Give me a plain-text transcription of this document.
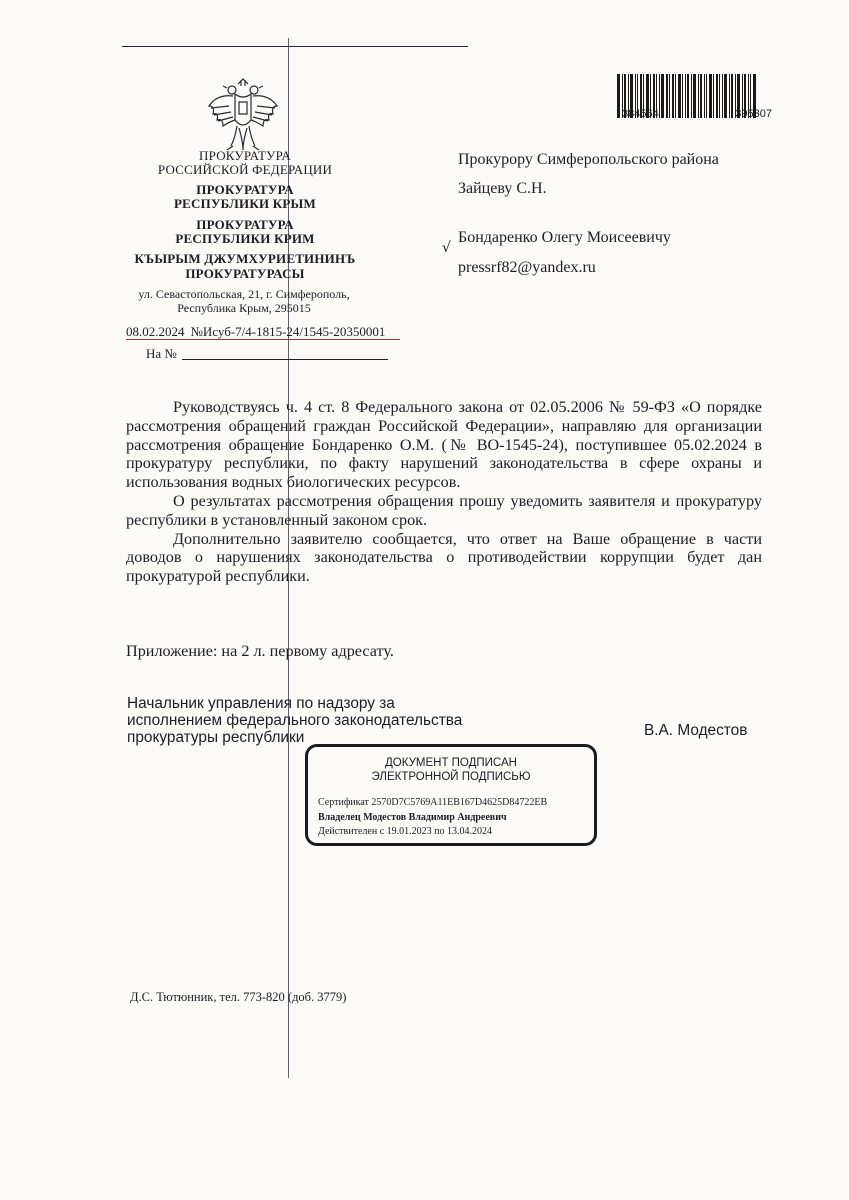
ПРОКУРАТУРА
РОССИЙСКОЙ ФЕДЕРАЦИИ
ПРОКУРАТУРА
РЕСПУБЛИКИ КРЫМ
ПРОКУРАТУРА
РЕСПУБЛИКИ КРИМ
КЪЫРЫМ ДЖУМХУРИЕТИНИНЪ
ПРОКУРАТУРАСЫ
ул. Севастопольская, 21, г. Симферополь,
Республика Крым, 295015
08.02.2024 №Исуб-7/4-1815-24/1545-20350001
На №
384564	395307
Прокурору Симферопольского района
Зайцеву С.Н.
√
Бондаренко Олегу Моисеевичу
pressrf82@yandex.ru

Руководствуясь ч. 4 ст. 8 Федерального закона от 02.05.2006 № 59-ФЗ «О порядке рассмотрения обращений граждан Российской Федерации», направляю для организации рассмотрения обращение Бондаренко О.М. (№ ВО-1545-24), поступившее 05.02.2024 в прокуратуру республики, по факту нарушений законодательства в сфере охраны и использования водных биологических ресурсов.

О результатах рассмотрения обращения прошу уведомить заявителя и прокуратуру республики в установленный законом срок.

Дополнительно заявителю сообщается, что ответ на Ваше обращение в части доводов о нарушениях законодательства о противодействии коррупции будет дан прокуратурой республики.

Приложение: на 2 л. первому адресату.
Начальник управления по надзору за
исполнением федерального законодательства
прокуратуры республики	В.А. Модестов
ДОКУМЕНТ ПОДПИСАН
ЭЛЕКТРОННОЙ ПОДПИСЬЮ
Сертификат 2570D7C5769A11EB167D4625D84722EB
Владелец Модестов Владимир Андреевич
Действителен с 19.01.2023 по 13.04.2024
Д.С. Тютюнник, тел. 773-820 (доб. 3779)
